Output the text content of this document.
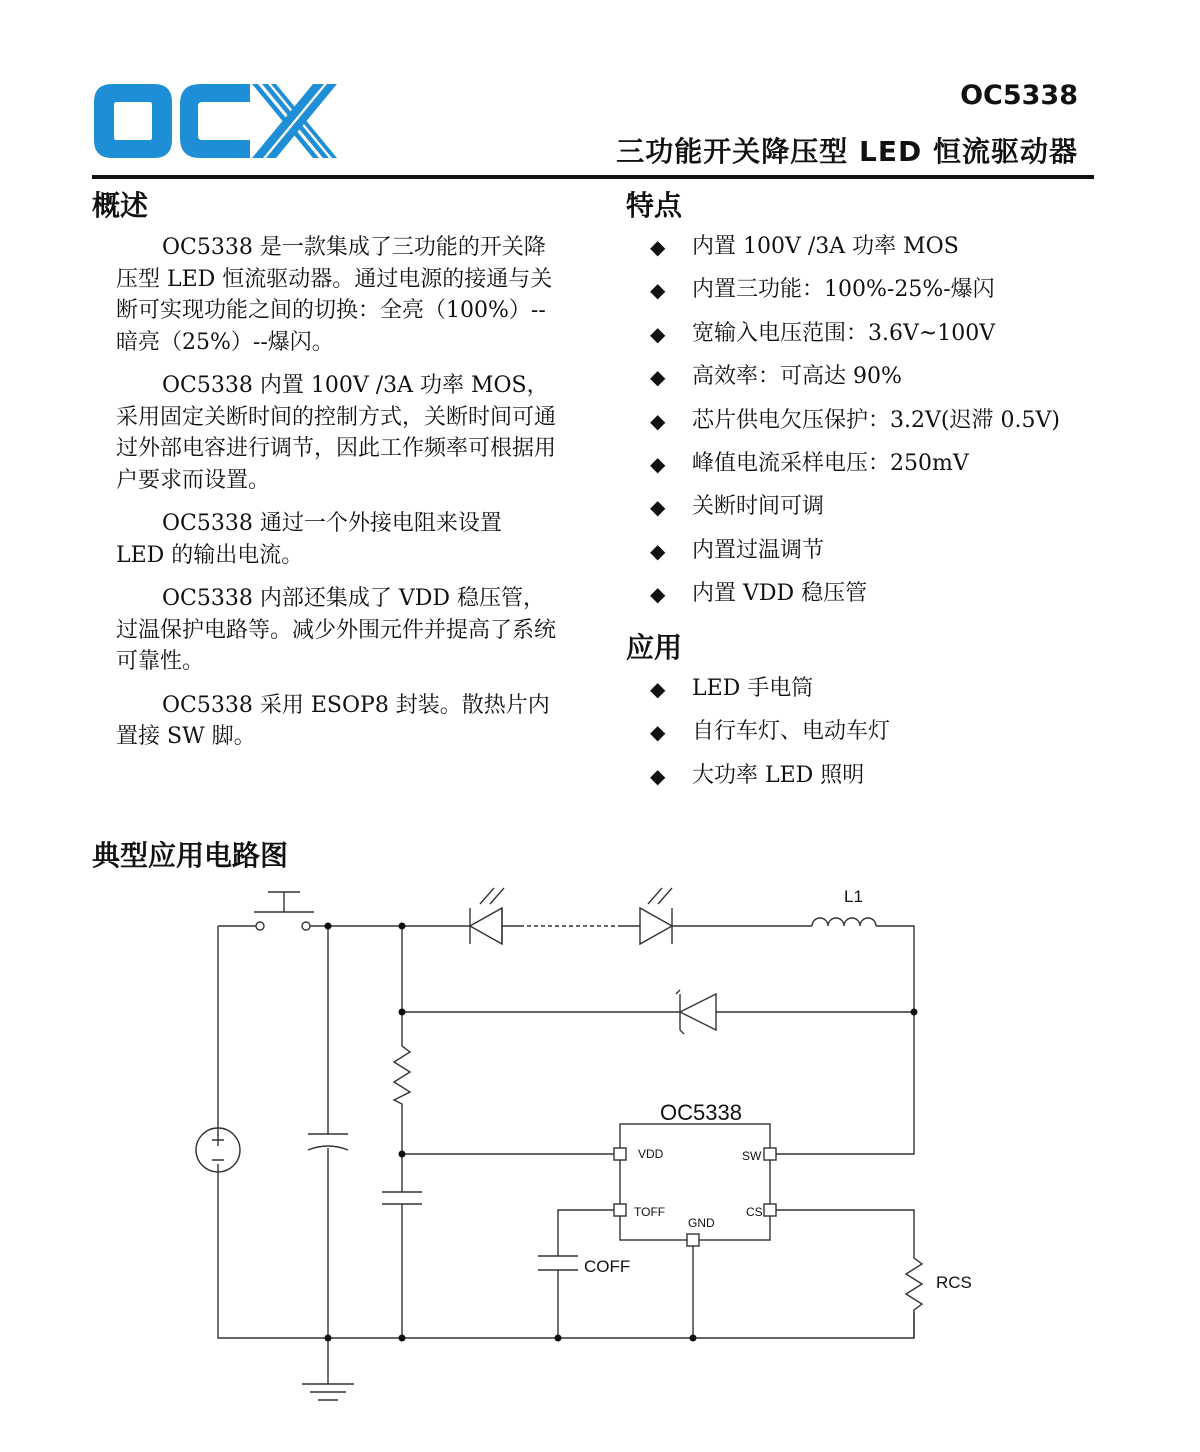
OC5338
三功能开关降压型 LED 恒流驱动器
概述

OC5338 是一款集成了三功能的开关降压型 LED 恒流驱动器。通过电源的接通与关断可实现功能之间的切换：全亮（100%）--暗亮（25%）--爆闪。

OC5338 内置 100V /3A 功率 MOS，采用固定关断时间的控制方式，关断时间可通过外部电容进行调节，因此工作频率可根据用户要求而设置。

OC5338 通过一个外接电阻来设置 LED 的输出电流。

OC5338 内部还集成了 VDD 稳压管，过温保护电路等。减少外围元件并提高了系统可靠性。

OC5338 采用 ESOP8 封装。散热片内置接 SW 脚。

特点
◆ 内置 100V /3A 功率 MOS
◆ 内置三功能：100%-25%-爆闪
◆ 宽输入电压范围：3.6V~100V
◆ 高效率：可高达 90%
◆ 芯片供电欠压保护：3.2V(迟滞 0.5V)
◆ 峰值电流采样电压：250mV
◆ 关断时间可调
◆ 内置过温调节
◆ 内置 VDD 稳压管
应用
◆ LED 手电筒
◆ 自行车灯、电动车灯
◆ 大功率 LED 照明
典型应用电路图
OC5338
VDD	SW
TOFF	CS
GND
L1
COFF
RCS
